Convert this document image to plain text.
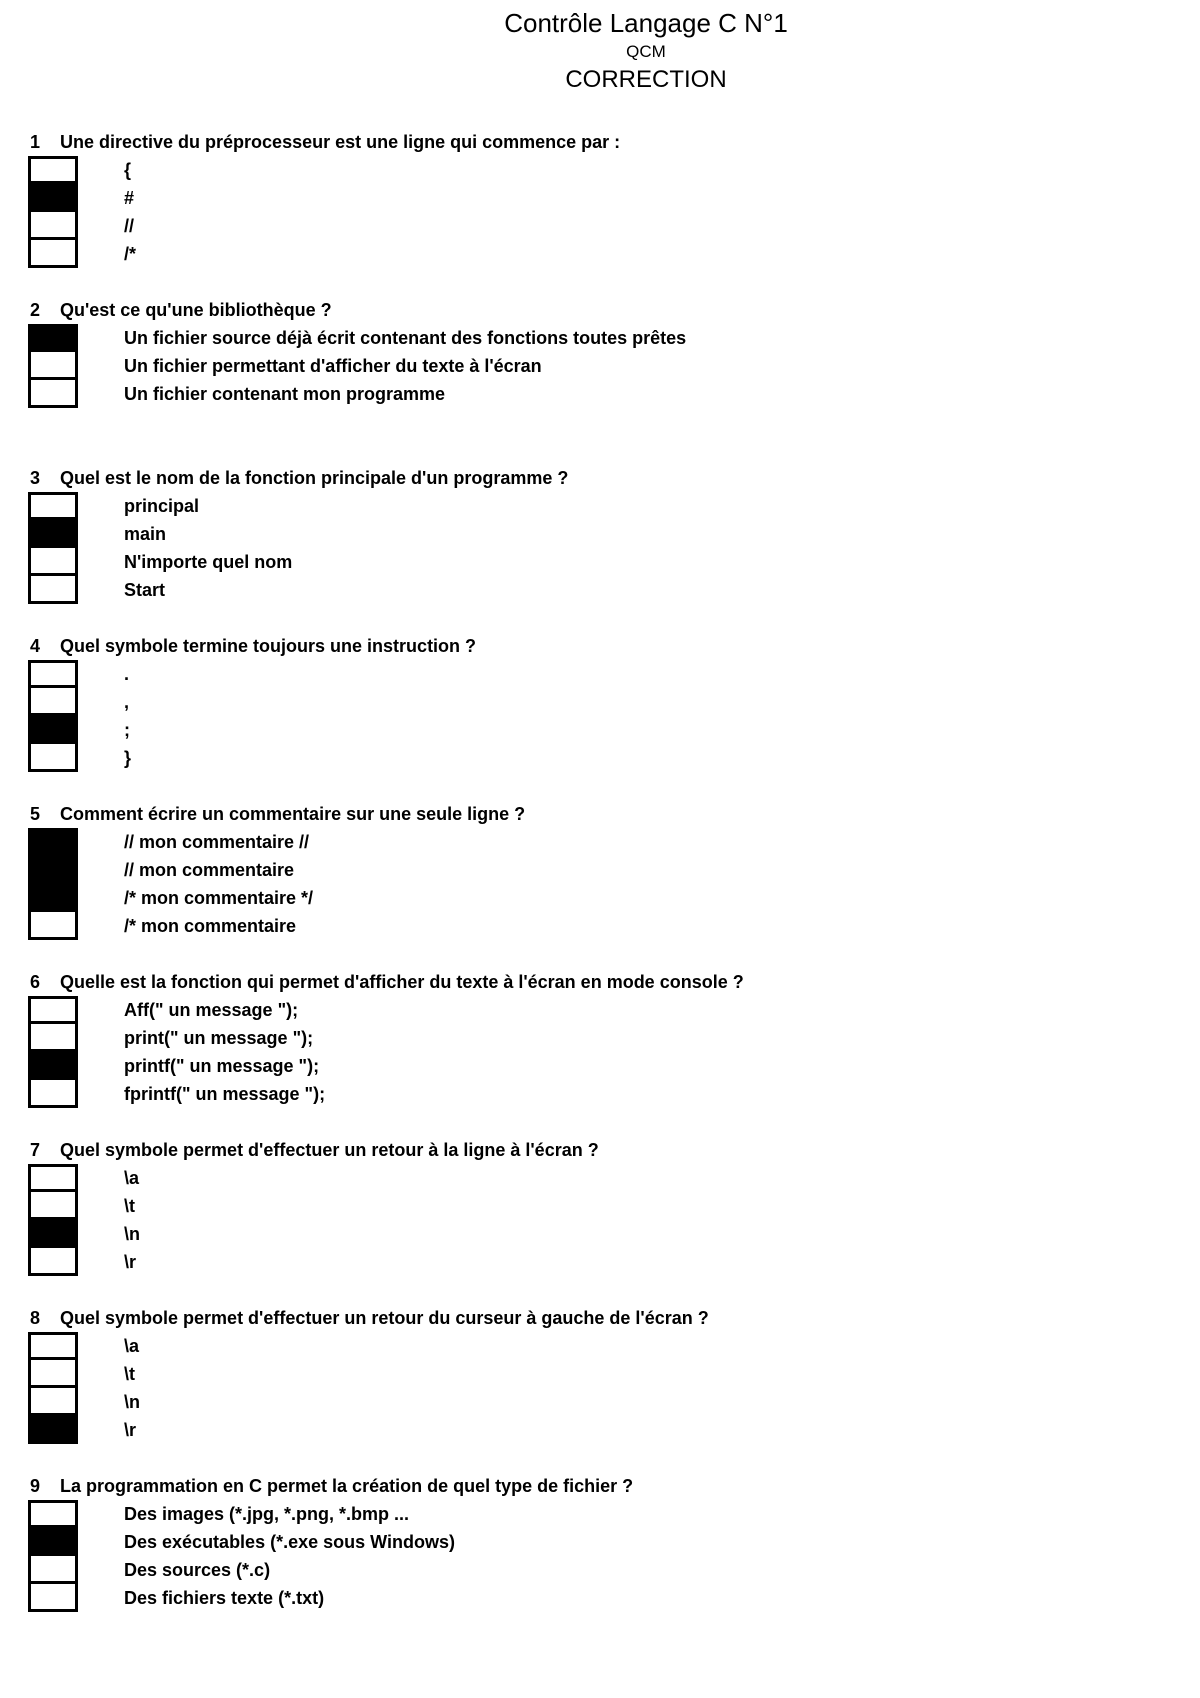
Contrôle Langage C N°1
QCM
CORRECTION
1	Une directive du préprocesseur est une ligne qui commence par :
{
#
//
/*
2	Qu'est ce qu'une bibliothèque ?
Un fichier source déjà écrit contenant des fonctions toutes prêtes
Un fichier permettant d'afficher du texte à l'écran
Un fichier contenant mon programme
3	Quel est le nom de la fonction principale d'un programme ?
principal
main
N'importe quel nom
Start
4	Quel symbole termine toujours une instruction ?
.
,
;
}
5	Comment écrire un commentaire sur une seule ligne ?
// mon commentaire //
// mon commentaire
/* mon commentaire */
/* mon commentaire
6	Quelle est la fonction qui permet d'afficher du texte à l'écran en mode console ?
Aff(" un message ");
print(" un message ");
printf(" un message ");
fprintf(" un message ");
7	Quel symbole permet d'effectuer un retour à la ligne à l'écran ?
\a
\t
\n
\r
8	Quel symbole permet d'effectuer un retour du curseur à gauche de l'écran ?
\a
\t
\n
\r
9	La programmation en C permet la création de quel type de fichier ?
Des images (*.jpg, *.png, *.bmp ...
Des exécutables (*.exe sous Windows)
Des sources (*.c)
Des fichiers texte (*.txt)
